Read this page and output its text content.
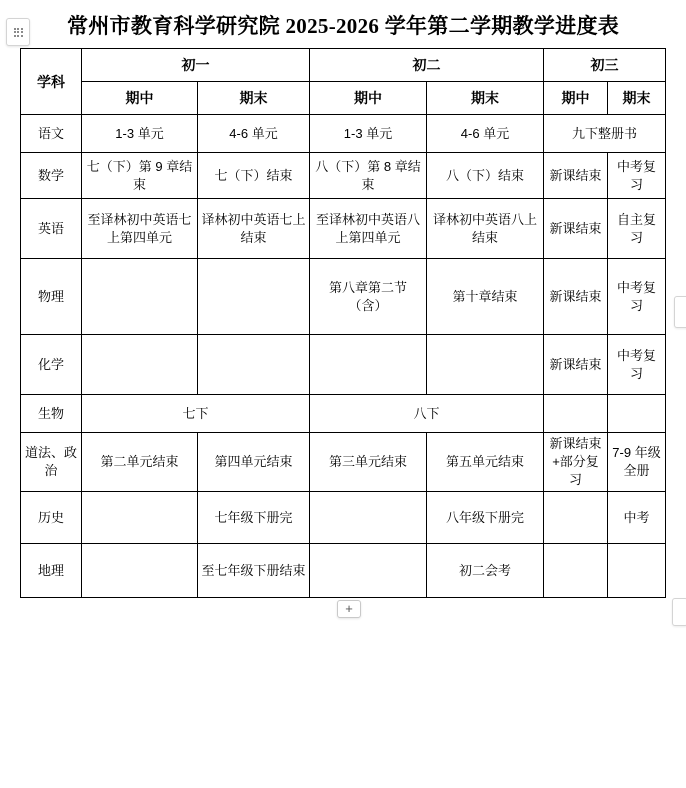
常州市教育科学研究院 2025-2026 学年第二学期教学进度表
学科	初一		初二		初三	
	期中	期末	期中	期末	期中	期末
语文	1-3 单元	4-6 单元	1-3 单元	4-6 单元	九下整册书	
数学	七（下）第 9 章结束	七（下）结束	八（下）第 8 章结束	八（下）结束	新课结束	中考复习
英语	至译林初中英语七上第四单元	译林初中英语七上结束	至译林初中英语八上第四单元	译林初中英语八上结束	新课结束	自主复习
物理			第八章第二节（含）	第十章结束	新课结束	中考复习
化学					新课结束	中考复习
生物	七下		八下			
道法、政治	第二单元结束	第四单元结束	第三单元结束	第五单元结束	新课结束+部分复习	7-9 年级全册
历史		七年级下册完		八年级下册完		中考
地理		至七年级下册结束		初二会考		
+
